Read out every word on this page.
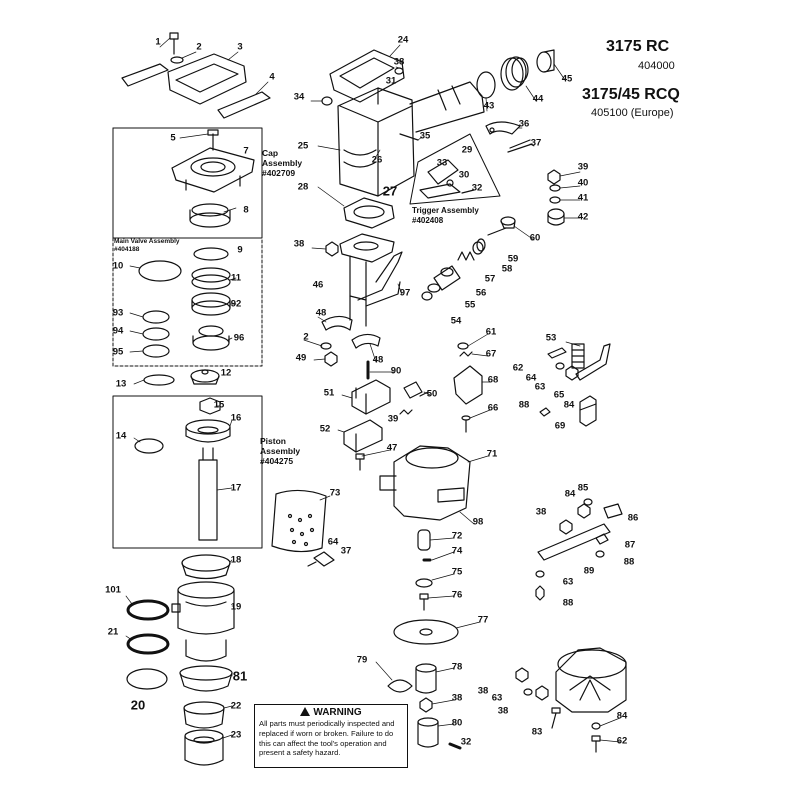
3175 RC
404000
3175/45 RCQ
405100 (Europe)
Cap
Assembly
#402709
Main Valve Assembly
#404188
Piston
Assembly
#404275
Trigger Assembly
#402408
WARNING
All parts must periodically inspected and replaced if worn or broken. Failure to do this can affect the tool's operation and present a safety hazard.
1	2	3
4
5
7
8
9
10
11
92
93
94
96
95
13
12
15
14
16
17
18
101
19
21
81
20	22
23
24
38
31
34
25
26
35
27
28
29
30
32
33
36
37
43
44
45
39
40
41
42
60
59
58
57
56
55
54
38
46
97
48
2
48
49
90
51	50
39
52
47
61
67
68
66
71
53
62
64
63
65
88	84
69
73
98
72
74
75
76
77
64
37
84
85
38
86
87
88
89
63
88
79
78
38
80
32
38
63
38
83
84
62
